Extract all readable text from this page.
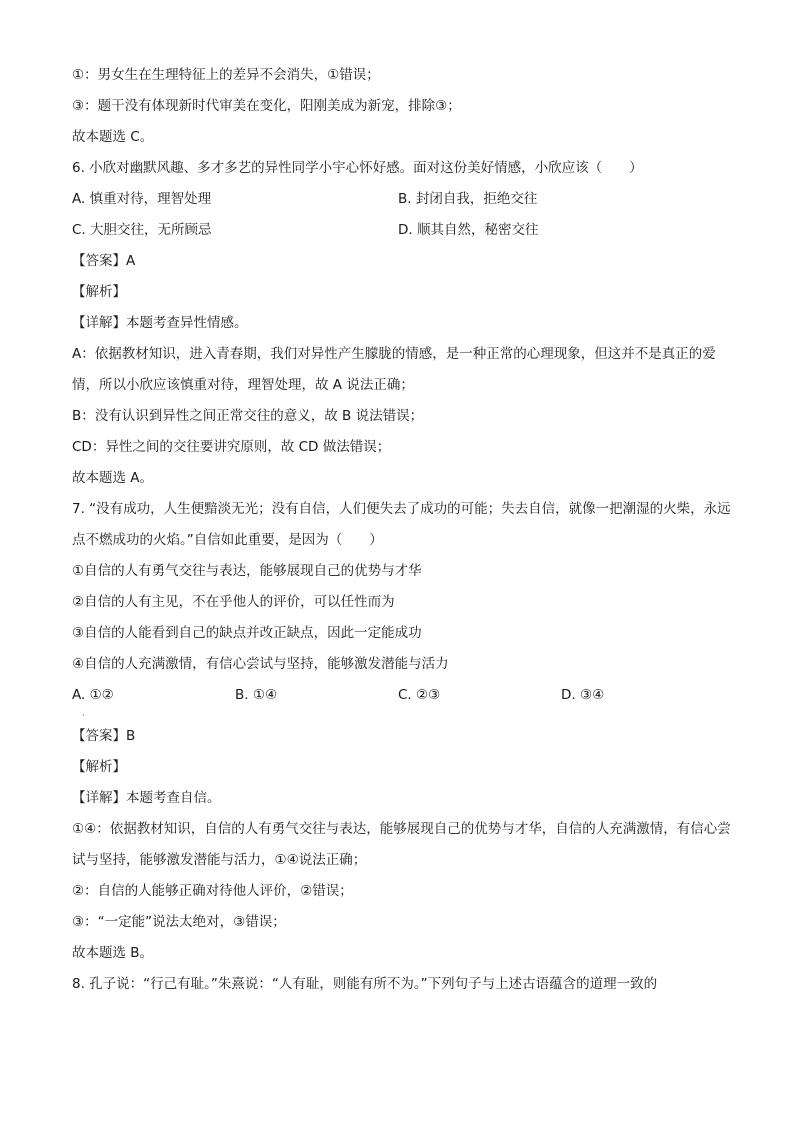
①：男女生在生理特征上的差异不会消失，①错误；
③：题干没有体现新时代审美在变化，阳刚美成为新宠，排除③；
故本题选 C。
6. 小欣对幽默风趣、多才多艺的异性同学小宇心怀好感。面对这份美好情感，小欣应该（　　）
A. 慎重对待，理智处理	B. 封闭自我，拒绝交往
C. 大胆交往，无所顾忌	D. 顺其自然，秘密交往
【答案】A
【解析】
【详解】本题考查异性情感。
A：依据教材知识，进入青春期，我们对异性产生朦胧的情感，是一种正常的心理现象，但这并不是真正的爱情，所以小欣应该慎重对待，理智处理，故 A 说法正确；
B：没有认识到异性之间正常交往的意义，故 B 说法错误；
CD：异性之间的交往要讲究原则，故 CD 做法错误；
故本题选 A。
7. “没有成功，人生便黯淡无光；没有自信，人们便失去了成功的可能；失去自信，就像一把潮湿的火柴，永远点不燃成功的火焰。”自信如此重要，是因为（　　）
①自信的人有勇气交往与表达，能够展现自己的优势与才华
②自信的人有主见，不在乎他人的评价，可以任性而为
③自信的人能看到自己的缺点并改正缺点，因此一定能成功
④自信的人充满激情，有信心尝试与坚持，能够激发潜能与活力
A. ①②	B. ①④	C. ②③	D. ③④
·
【答案】B
【解析】
【详解】本题考查自信。
①④：依据教材知识，自信的人有勇气交往与表达，能够展现自己的优势与才华，自信的人充满激情，有信心尝试与坚持，能够激发潜能与活力，①④说法正确；
②：自信的人能够正确对待他人评价，②错误；
③：“一定能”说法太绝对，③错误；
故本题选 B。
8. 孔子说：“行己有耻。”朱熹说：“人有耻，则能有所不为。”下列句子与上述古语蕴含的道理一致的
